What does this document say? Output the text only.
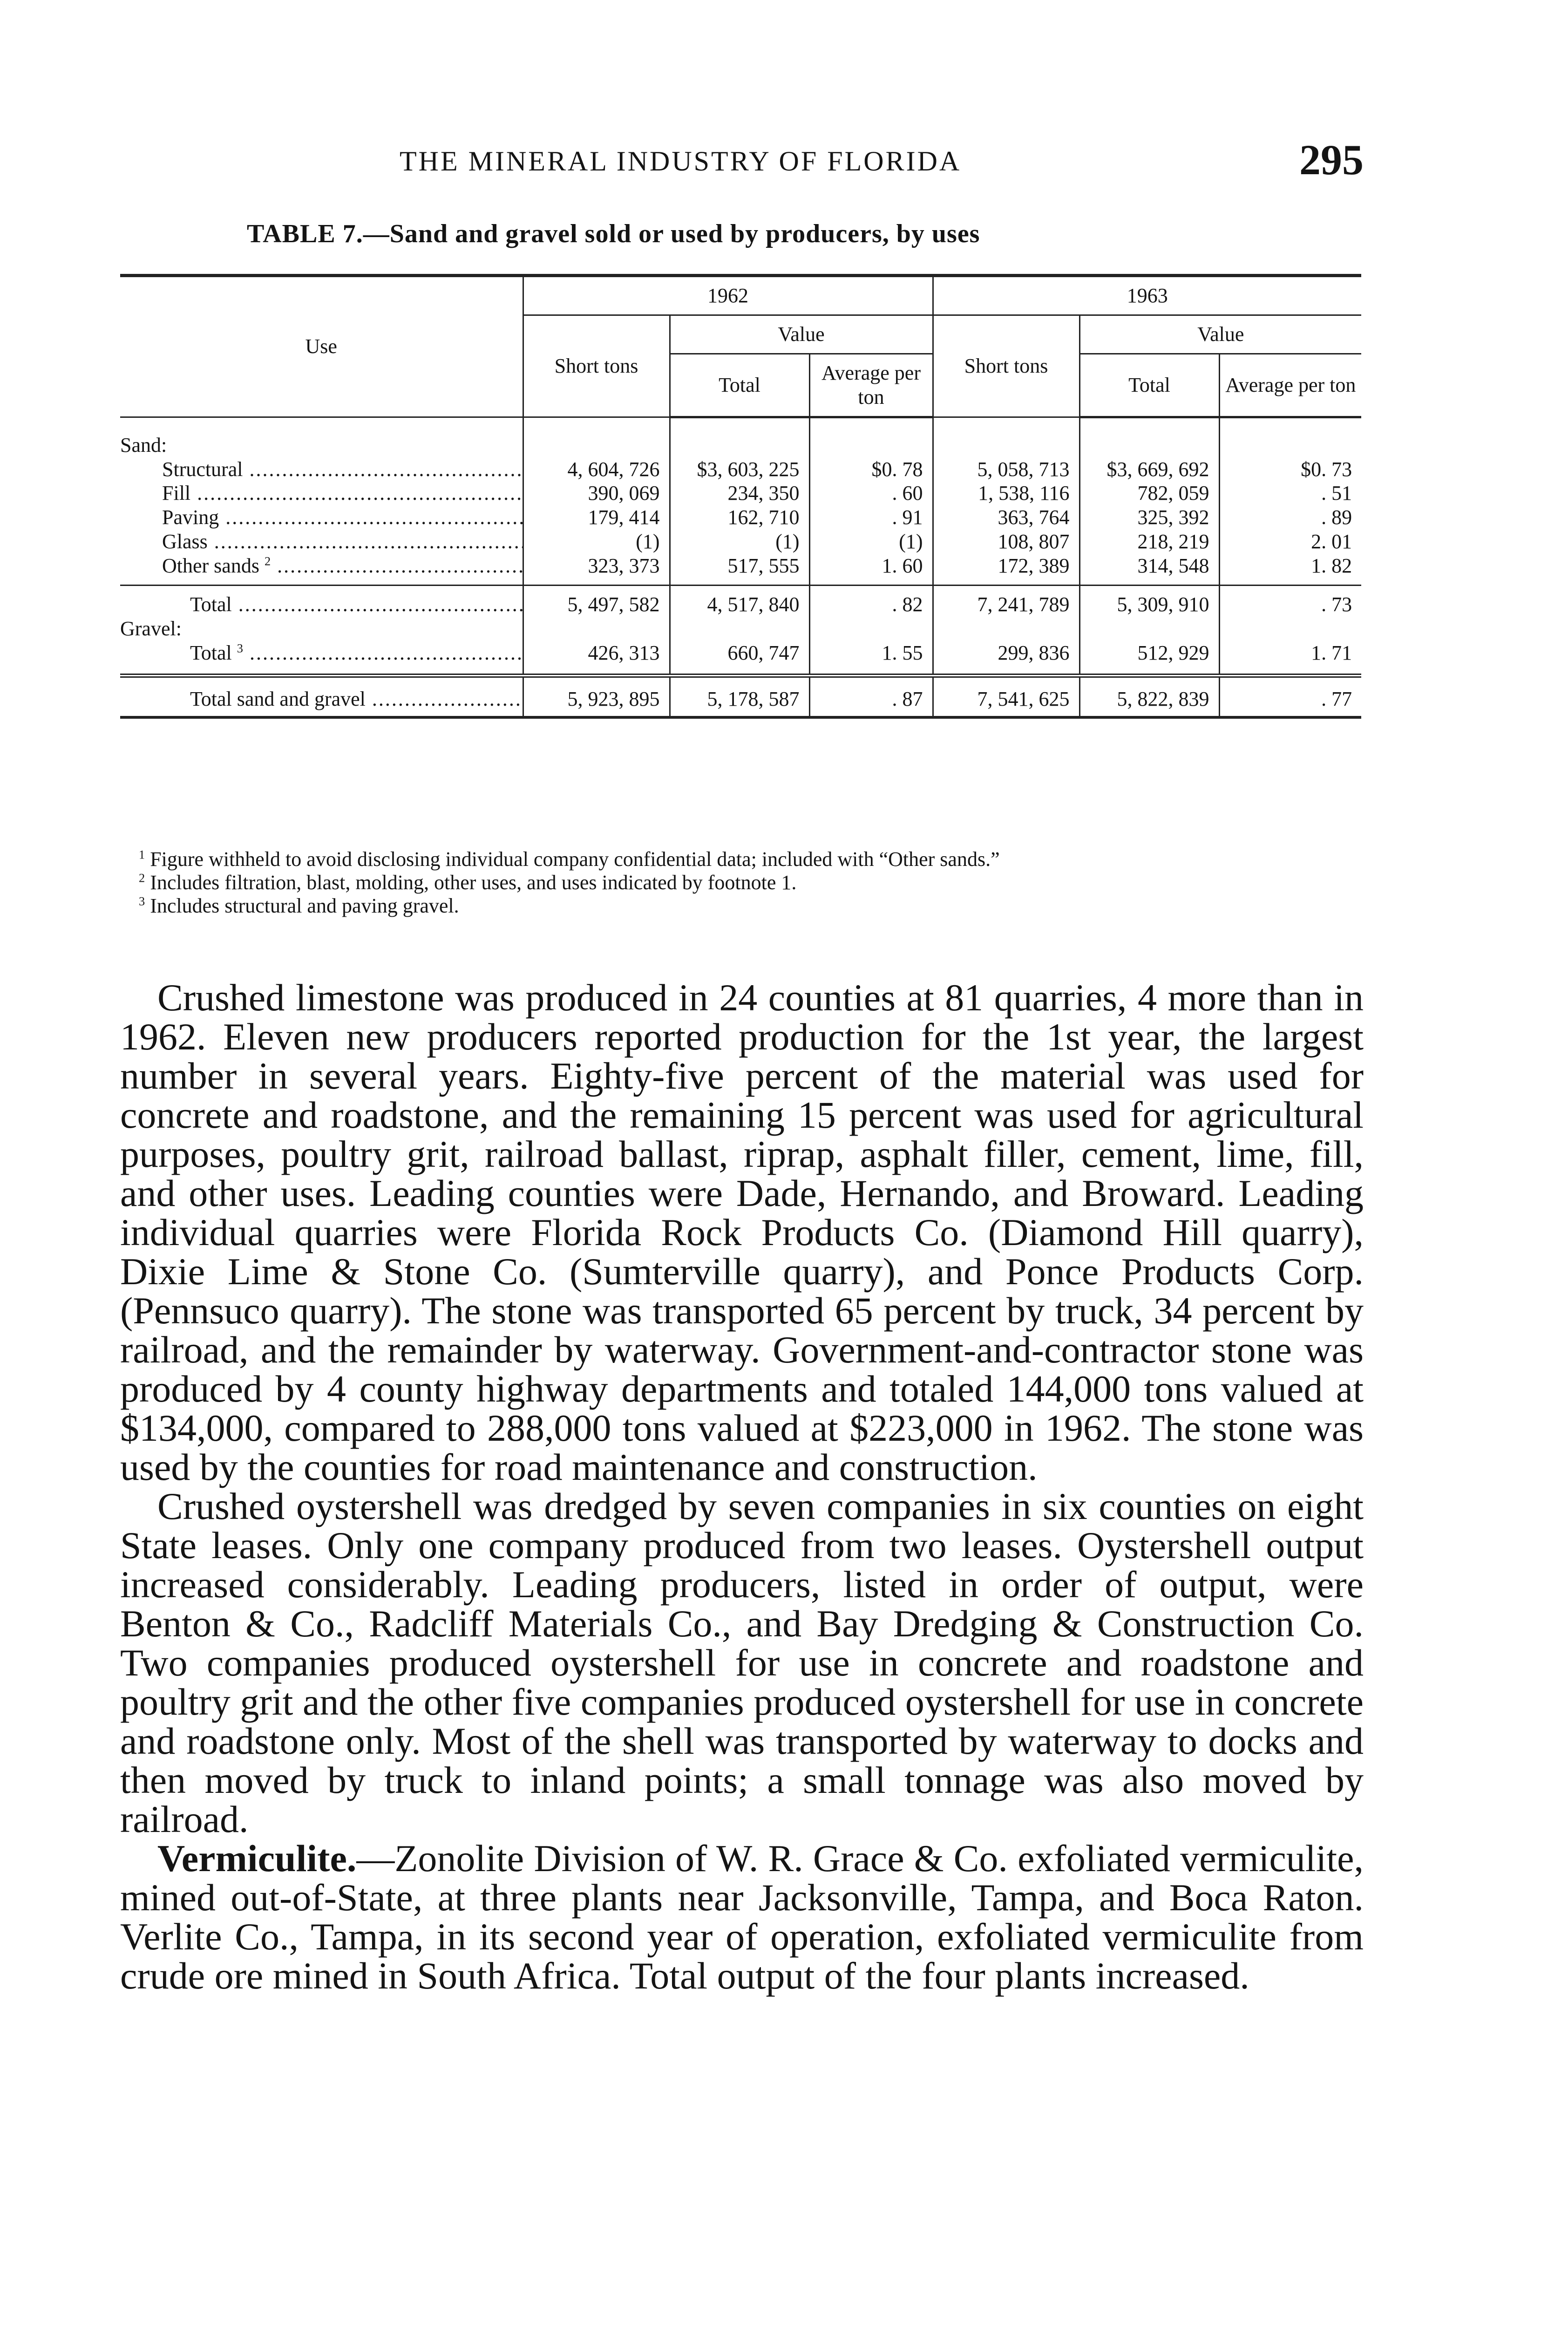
THE MINERAL INDUSTRY OF FLORIDA	295
TABLE 7.—Sand and gravel sold or used by producers, by uses
Use	1962			1963		
	Short tons	Value		Short tons	Value	
		Total	Average per ton		Total	Average per ton

Sand:						
Structural .....	4, 604, 726	$3, 603, 225	$0. 78	5, 058, 713	$3, 669, 692	$0. 73
Fill .....	390, 069	234, 350	. 60	1, 538, 116	782, 059	. 51
Paving .....	179, 414	162, 710	. 91	363, 764	325, 392	. 89
Glass .....	(1)	(1)	(1)	108, 807	218, 219	2. 01
Other sands $^2$ .....	323, 373	517, 555	1. 60	172, 389	314, 548	1. 82

Total .....	5, 497, 582	4, 517, 840	. 82	7, 241, 789	5, 309, 910	. 73
Gravel:						
Total $^3$ .....	426, 313	660, 747	1. 55	299, 836	512, 929	1. 71

Total sand and gravel .....	5, 923, 895	5, 178, 587	. 87	7, 541, 625	5, 822, 839	. 77

$^1$ Figure withheld to avoid disclosing individual company confidential data; included with “Other sands.”

$^2$ Includes filtration, blast, molding, other uses, and uses indicated by footnote 1.

$^3$ Includes structural and paving gravel.

Crushed limestone was produced in 24 counties at 81 quarries, 4 more than in 1962. Eleven new producers reported production for the 1st year, the largest number in several years. Eighty-five percent of the material was used for concrete and roadstone, and the remaining 15 percent was used for agricultural purposes, poultry grit, railroad ballast, riprap, asphalt filler, cement, lime, fill, and other uses. Leading counties were Dade, Hernando, and Broward. Leading individual quarries were Florida Rock Products Co. (Diamond Hill quarry), Dixie Lime & Stone Co. (Sumterville quarry), and Ponce Products Corp. (Pennsuco quarry). The stone was transported 65 percent by truck, 34 percent by railroad, and the remainder by waterway. Government-and-contractor stone was produced by 4 county highway departments and totaled 144,000 tons valued at $134,000, compared to 288,000 tons valued at $223,000 in 1962. The stone was used by the counties for road maintenance and construction.

Crushed oystershell was dredged by seven companies in six counties on eight State leases. Only one company produced from two leases. Oystershell output increased considerably. Leading producers, listed in order of output, were Benton & Co., Radcliff Materials Co., and Bay Dredging & Construction Co. Two companies produced oystershell for use in concrete and roadstone and poultry grit and the other five companies produced oystershell for use in concrete and roadstone only. Most of the shell was transported by waterway to docks and then moved by truck to inland points; a small tonnage was also moved by railroad.

Vermiculite.—Zonolite Division of W. R. Grace & Co. exfoliated vermiculite, mined out-of-State, at three plants near Jacksonville, Tampa, and Boca Raton. Verlite Co., Tampa, in its second year of operation, exfoliated vermiculite from crude ore mined in South Africa. Total output of the four plants increased.
